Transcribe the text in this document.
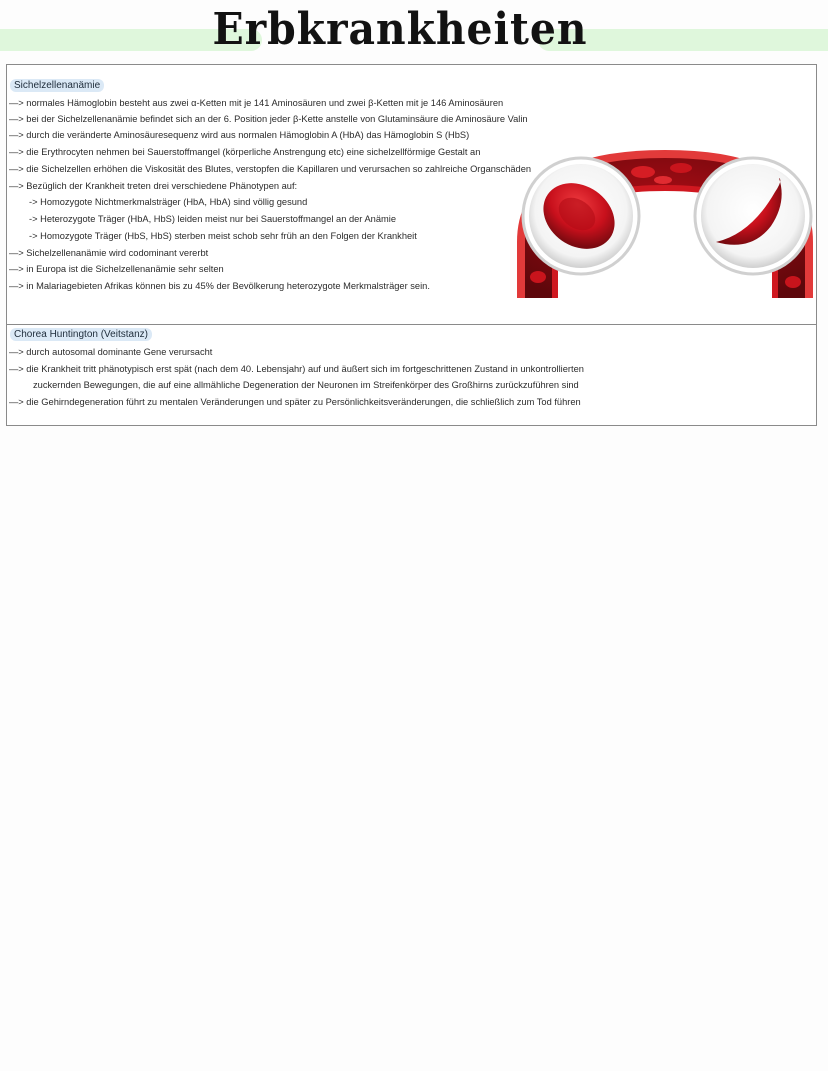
Erbkrankheiten
Sichelzellenanämie
—> normales Hämoglobin besteht aus zwei α-Ketten mit je 141 Aminosäuren und zwei β-Ketten mit je 146 Aminosäuren
—> bei der Sichelzellenanämie befindet sich an der 6. Position jeder β-Kette anstelle von Glutaminsäure die Aminosäure Valin
—> durch die veränderte Aminosäuresequenz wird aus normalen Hämoglobin A (HbA) das Hämoglobin S (HbS)
—> die Erythrocyten nehmen bei Sauerstoffmangel (körperliche Anstrengung etc) eine sichelzellförmige Gestalt an
—> die Sichelzellen erhöhen die Viskosität des Blutes, verstopfen die Kapillaren und verursachen so zahlreiche Organschäden
—> Bezüglich der Krankheit treten drei verschiedene Phänotypen auf:
-> Homozygote Nichtmerkmalsträger (HbA, HbA) sind völlig gesund
-> Heterozygote Träger (HbA, HbS) leiden meist nur bei Sauerstoffmangel an der Anämie
-> Homozygote Träger (HbS, HbS) sterben meist schob sehr früh an den Folgen der Krankheit
—> Sichelzellenanämie wird codominant vererbt
—> in Europa ist die Sichelzellenanämie sehr selten
—> in Malariagebieten Afrikas können bis zu 45% der Bevölkerung heterozygote Merkmalsträger sein.
Chorea Huntington (Veitstanz)
—> durch autosomal dominante Gene verursacht
—> die Krankheit tritt phänotypisch erst spät (nach dem 40. Lebensjahr) auf und äußert sich im fortgeschrittenen Zustand in unkontrollierten
zuckernden Bewegungen, die auf eine allmähliche Degeneration der Neuronen im Streifenkörper des Großhirns zurückzuführen sind
—> die Gehirndegeneration führt zu mentalen Veränderungen und später zu Persönlichkeitsveränderungen, die schließlich zum Tod führen
